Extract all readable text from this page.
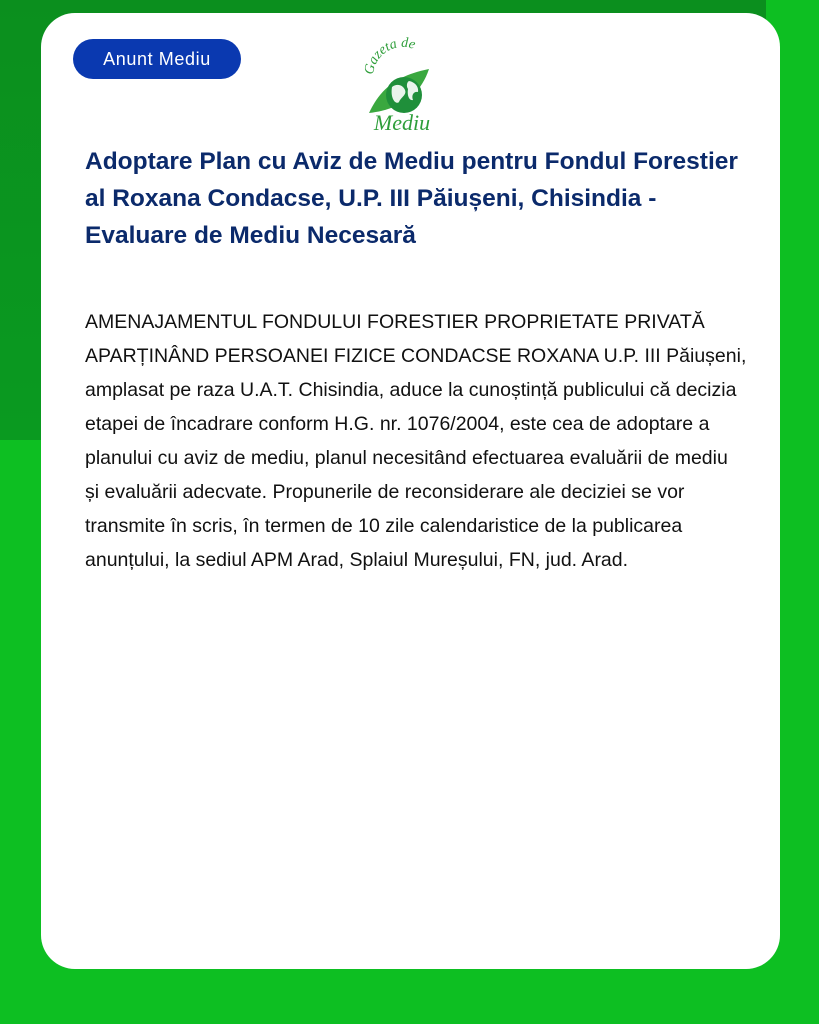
Anunt Mediu
Gazeta de
Mediu
Adoptare Plan cu Aviz de Mediu pentru Fondul Forestier al Roxana Condacse, U.P. III Păiușeni, Chisindia - Evaluare de Mediu Necesară

AMENAJAMENTUL FONDULUI FORESTIER PROPRIETATE PRIVATĂ APARȚINÂND PERSOANEI FIZICE CONDACSE ROXANA U.P. III Păiușeni, amplasat pe raza U.A.T. Chisindia, aduce la cunoștință publicului că decizia etapei de încadrare conform H.G. nr. 1076/2004, este cea de adoptare a planului cu aviz de mediu, planul necesitând efectuarea evaluării de mediu și evaluării adecvate. Propunerile de reconsiderare ale deciziei se vor transmite în scris, în termen de 10 zile calendaristice de la publicarea anunțului, la sediul APM Arad, Splaiul Mureșului, FN, jud. Arad.
